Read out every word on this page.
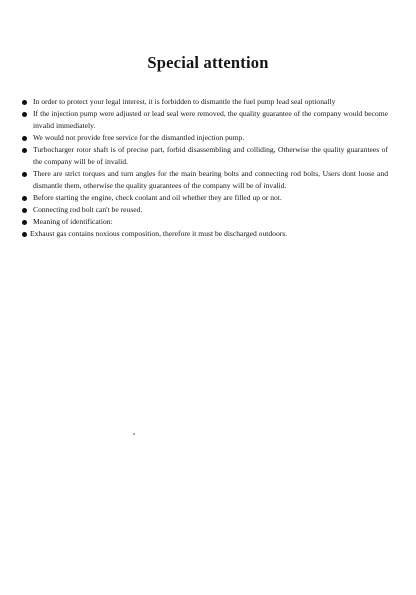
Special attention
In order to protect your legal interest, it is forbidden to dismantle the fuel pump lead seal optionally
If the injection pump were adjusted or lead seal were removed, the quality guarantee of the company would become invalid immediately.
We would not provide free service for the dismantled injection pump.
Turbocharger rotor shaft is of precise part, forbid disassembling and colliding, Otherwise the quality guarantees of the company will be of invalid.
There are strict torques and turn angles for the main bearing bolts and connecting rod bolts, Users dont loose and dismantle them, otherwise the quality guarantees of the company will be of invalid.
Before starting the engine, check coolant and oil whether they are filled up or not.
Connecting rod bolt can't be reused.
Meaning of identification:
Exhaust gas contains noxious composition, therefore it must be discharged outdoors.
